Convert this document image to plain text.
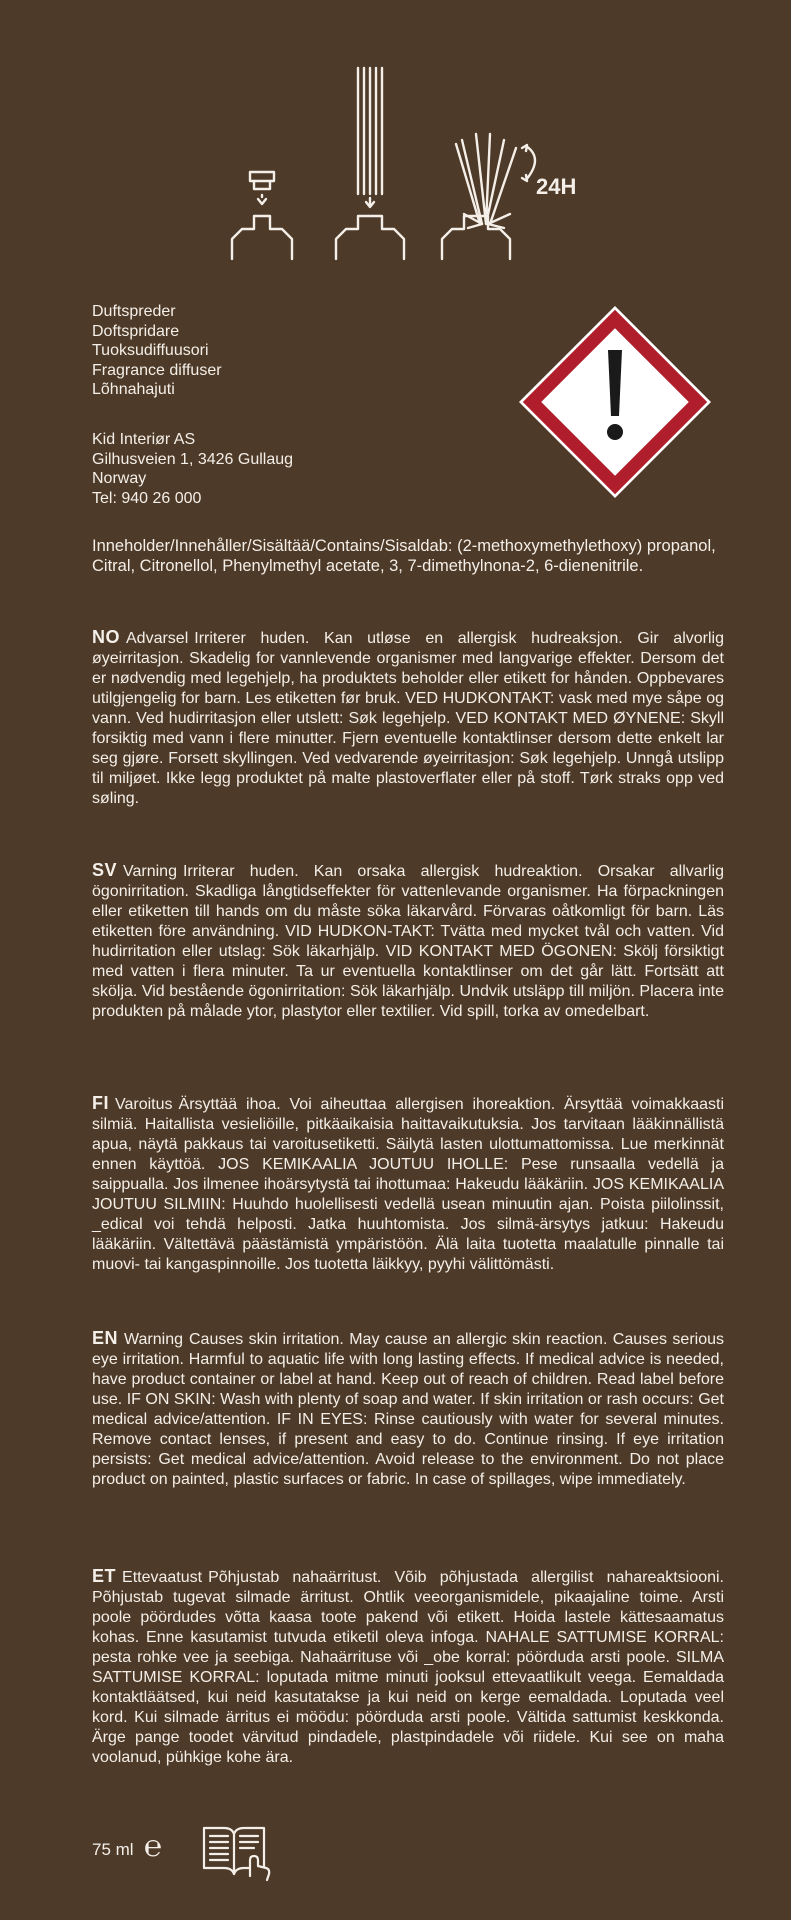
24H
Duftspreder
Doftspridare
Tuoksudiffuusori
Fragrance diffuser
Lõhnahajuti
Kid Interiør AS
Gilhusveien 1, 3426 Gullaug
Norway
Tel: 940 26 000
Inneholder/Innehåller/Sisältää/Contains/Sisaldab: (2-methoxymethylethoxy) propanol, Citral, Citronellol, Phenylmethyl acetate, 3, 7-dimethylnona-2, 6-dienenitrile.
NO Advarsel Irriterer huden. Kan utløse en allergisk hudreaksjon. Gir alvorlig øyeirritasjon. Skadelig for vannlevende organismer med langvarige effekter. Dersom det er nødvendig med legehjelp, ha produktets beholder eller etikett for hånden. Oppbevares utilgjengelig for barn. Les etiketten før bruk. VED HUDKONTAKT: vask med mye såpe og vann. Ved hudirritasjon eller utslett: Søk legehjelp. VED KONTAKT MED ØYNENE: Skyll forsiktig med vann i flere minutter. Fjern eventuelle kontaktlinser dersom dette enkelt lar seg gjøre. Forsett skyllingen. Ved vedvarende øyeirritasjon: Søk legehjelp. Unngå utslipp til miljøet. Ikke legg produktet på malte plastoverflater eller på stoff. Tørk straks opp ved søling.
SV Varning Irriterar huden. Kan orsaka allergisk hudreaktion. Orsakar allvarlig ögonirritation. Skadliga långtidseffekter för vattenlevande organismer. Ha förpackningen eller etiketten till hands om du måste söka läkarvård. Förvaras oåtkomligt för barn. Läs etiketten före användning. VID HUDKON-TAKT: Tvätta med mycket tvål och vatten. Vid hudirritation eller utslag: Sök läkarhjälp. VID KONTAKT MED ÖGONEN: Skölj försiktigt med vatten i flera minuter. Ta ur eventuella kontaktlinser om det går lätt. Fortsätt att skölja. Vid bestående ögonirritation: Sök läkarhjälp. Undvik utsläpp till miljön. Placera inte produkten på målade ytor, plastytor eller textilier. Vid spill, torka av omedelbart.
FI Varoitus Ärsyttää ihoa. Voi aiheuttaa allergisen ihoreaktion. Ärsyttää voimakkaasti silmiä. Haitallista vesieliöille, pitkäaikaisia haittavaikutuksia. Jos tarvitaan lääkinnällistä apua, näytä pakkaus tai varoitusetiketti. Säilytä lasten ulottumattomissa. Lue merkinnät ennen käyttöä. JOS KEMIKAALIA JOUTUU IHOLLE: Pese runsaalla vedellä ja saippualla. Jos ilmenee ihoärsytystä tai ihottumaa: Hakeudu lääkäriin. JOS KEMIKAALIA JOUTUU SILMIIN: Huuhdo huolellisesti vedellä usean minuutin ajan. Poista piilolinssit, _edical voi tehdä helposti. Jatka huuhtomista. Jos silmä-ärsytys jatkuu: Hakeudu lääkäriin. Vältettävä päästämistä ympäristöön. Älä laita tuotetta maalatulle pinnalle tai muovi- tai kangaspinnoille. Jos tuotetta läikkyy, pyyhi välittömästi.
EN Warning Causes skin irritation. May cause an allergic skin reaction. Causes serious eye irritation. Harmful to aquatic life with long lasting effects. If medical advice is needed, have product container or label at hand. Keep out of reach of children. Read label before use. IF ON SKIN: Wash with plenty of soap and water. If skin irritation or rash occurs: Get medical advice/attention. IF IN EYES: Rinse cautiously with water for several minutes. Remove contact lenses, if present and easy to do. Continue rinsing. If eye irritation persists: Get medical advice/attention. Avoid release to the environment. Do not place product on painted, plastic surfaces or fabric. In case of spillages, wipe immediately.
ET Ettevaatust Põhjustab nahaärritust. Võib põhjustada allergilist nahareaktsiooni. Põhjustab tugevat silmade ärritust. Ohtlik veeorganismidele, pikaajaline toime. Arsti poole pöördudes võtta kaasa toote pakend või etikett. Hoida lastele kättesaamatus kohas. Enne kasutamist tutvuda etiketil oleva infoga. NAHALE SATTUMISE KORRAL: pesta rohke vee ja seebiga. Nahaärrituse või _obe korral: pöörduda arsti poole. SILMA SATTUMISE KORRAL: loputada mitme minuti jooksul ettevaatlikult veega. Eemaldada kontaktläätsed, kui neid kasutatakse ja kui neid on kerge eemaldada. Loputada veel kord. Kui silmade ärritus ei möödu: pöörduda arsti poole. Vältida sattumist keskkonda. Ärge pange toodet värvitud pindadele, plastpindadele või riidele. Kui see on maha voolanud, pühkige kohe ära.
75 ml ℮
